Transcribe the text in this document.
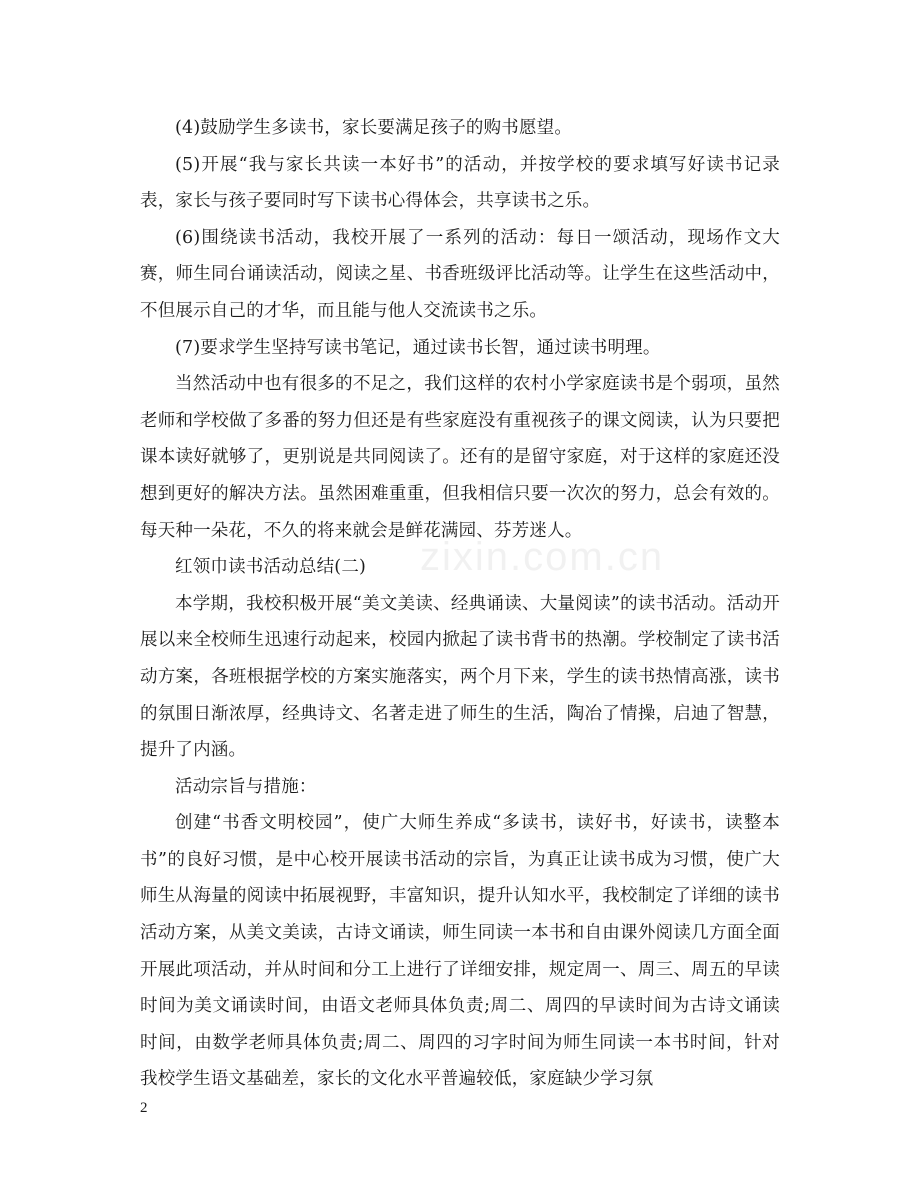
(4)鼓励学生多读书，家长要满足孩子的购书愿望。

(5)开展“我与家长共读一本好书”的活动，并按学校的要求填写好读书记录表，家长与孩子要同时写下读书心得体会，共享读书之乐。

(6)围绕读书活动，我校开展了一系列的活动：每日一颂活动，现场作文大赛，师生同台诵读活动，阅读之星、书香班级评比活动等。让学生在这些活动中，不但展示自己的才华，而且能与他人交流读书之乐。

(7)要求学生坚持写读书笔记，通过读书长智，通过读书明理。

当然活动中也有很多的不足之，我们这样的农村小学家庭读书是个弱项，虽然老师和学校做了多番的努力但还是有些家庭没有重视孩子的课文阅读，认为只要把课本读好就够了，更别说是共同阅读了。还有的是留守家庭，对于这样的家庭还没想到更好的解决方法。虽然困难重重，但我相信只要一次次的努力，总会有效的。每天种一朵花，不久的将来就会是鲜花满园、芬芳迷人。

红领巾读书活动总结(二)

本学期，我校积极开展“美文美读、经典诵读、大量阅读”的读书活动。活动开展以来全校师生迅速行动起来，校园内掀起了读书背书的热潮。学校制定了读书活动方案，各班根据学校的方案实施落实，两个月下来，学生的读书热情高涨，读书的氛围日渐浓厚，经典诗文、名著走进了师生的生活，陶冶了情操，启迪了智慧，提升了内涵。

活动宗旨与措施：

创建“书香文明校园”，使广大师生养成“多读书，读好书，好读书，读整本书”的良好习惯，是中心校开展读书活动的宗旨，为真正让读书成为习惯，使广大师生从海量的阅读中拓展视野，丰富知识，提升认知水平，我校制定了详细的读书活动方案，从美文美读，古诗文诵读，师生同读一本书和自由课外阅读几方面全面开展此项活动，并从时间和分工上进行了详细安排，规定周一、周三、周五的早读时间为美文诵读时间，由语文老师具体负责;周二、周四的早读时间为古诗文诵读时间，由数学老师具体负责;周二、周四的习字时间为师生同读一本书时间，针对我校学生语文基础差，家长的文化水平普遍较低，家庭缺少学习氛

zixin.com.cn
2
